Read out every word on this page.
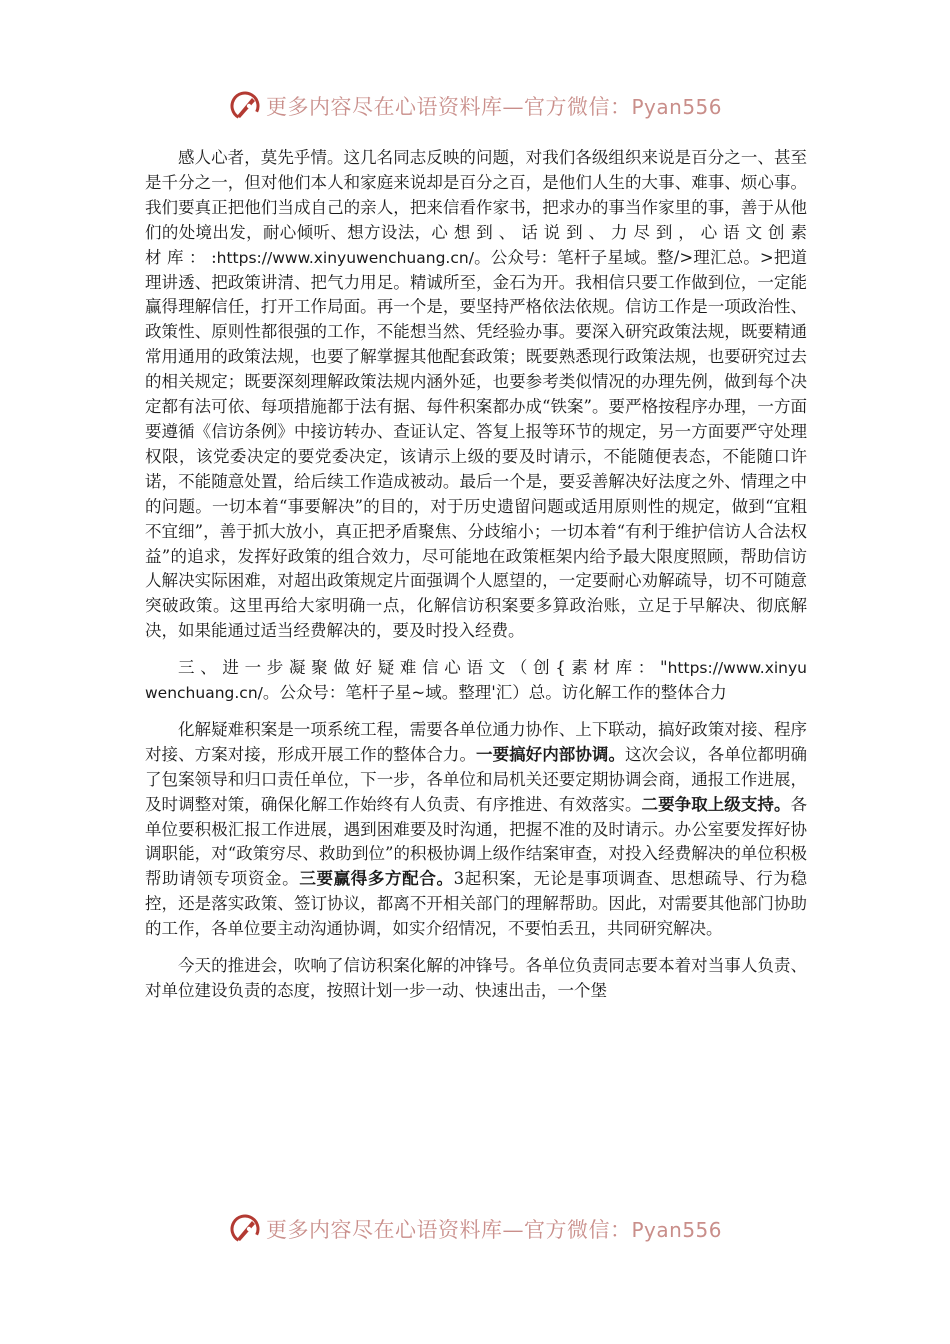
更多内容尽在心语资料库—官方微信：Pyan556

感人心者，莫先乎情。这几名同志反映的问题，对我们各级组织来说是百分之一、甚至是千分之一，但对他们本人和家庭来说却是百分之百，是他们人生的大事、难事、烦心事。我们要真正把他们当成自己的亲人，把来信看作家书，把求办的事当作家里的事，善于从他们的处境出发，耐心倾听、想方设法，心 想 到 、 话 说 到 、 力 尽 到 ， 心 语 文 创 素 材 库 ： :https://www.xinyuwenchuang.cn/。公众号：笔杆子星域。整/>理汇总。>把道理讲透、把政策讲清、把气力用足。精诚所至，金石为开。我相信只要工作做到位，一定能赢得理解信任，打开工作局面。再一个是，要坚持严格依法依规。信访工作是一项政治性、政策性、原则性都很强的工作，不能想当然、凭经验办事。要深入研究政策法规，既要精通常用通用的政策法规，也要了解掌握其他配套政策；既要熟悉现行政策法规，也要研究过去的相关规定；既要深刻理解政策法规内涵外延，也要参考类似情况的办理先例，做到每个决定都有法可依、每项措施都于法有据、每件积案都办成“铁案”。要严格按程序办理，一方面要遵循《信访条例》中接访转办、查证认定、答复上报等环节的规定，另一方面要严守处理权限，该党委决定的要党委决定，该请示上级的要及时请示，不能随便表态，不能随口许诺，不能随意处置，给后续工作造成被动。最后一个是，要妥善解决好法度之外、情理之中的问题。一切本着“事要解决”的目的，对于历史遗留问题或适用原则性的规定，做到“宜粗不宜细”，善于抓大放小，真正把矛盾聚焦、分歧缩小；一切本着“有利于维护信访人合法权益”的追求，发挥好政策的组合效力，尽可能地在政策框架内给予最大限度照顾，帮助信访人解决实际困难，对超出政策规定片面强调个人愿望的，一定要耐心劝解疏导，切不可随意突破政策。这里再给大家明确一点，化解信访积案要多算政治账，立足于早解决、彻底解决，如果能通过适当经费解决的，要及时投入经费。

三 、 进 一 步 凝 聚 做 好 疑 难 信 心 语 文 （ 创 { 素 材 库 ： "https://www.xinyuwenchuang.cn/。公众号：笔杆子星~域。整理'汇）总。访化解工作的整体合力

化解疑难积案是一项系统工程，需要各单位通力协作、上下联动，搞好政策对接、程序对接、方案对接，形成开展工作的整体合力。一要搞好内部协调。这次会议，各单位都明确了包案领导和归口责任单位，下一步，各单位和局机关还要定期协调会商，通报工作进展，及时调整对策，确保化解工作始终有人负责、有序推进、有效落实。二要争取上级支持。各单位要积极汇报工作进展，遇到困难要及时沟通，把握不准的及时请示。办公室要发挥好协调职能，对“政策穷尽、救助到位”的积极协调上级作结案审查，对投入经费解决的单位积极帮助请领专项资金。三要赢得多方配合。3起积案，无论是事项调查、思想疏导、行为稳控，还是落实政策、签订协议，都离不开相关部门的理解帮助。因此，对需要其他部门协助的工作，各单位要主动沟通协调，如实介绍情况，不要怕丢丑，共同研究解决。

今天的推进会，吹响了信访积案化解的冲锋号。各单位负责同志要本着对当事人负责、对单位建设负责的态度，按照计划一步一动、快速出击，一个堡

更多内容尽在心语资料库—官方微信：Pyan556
